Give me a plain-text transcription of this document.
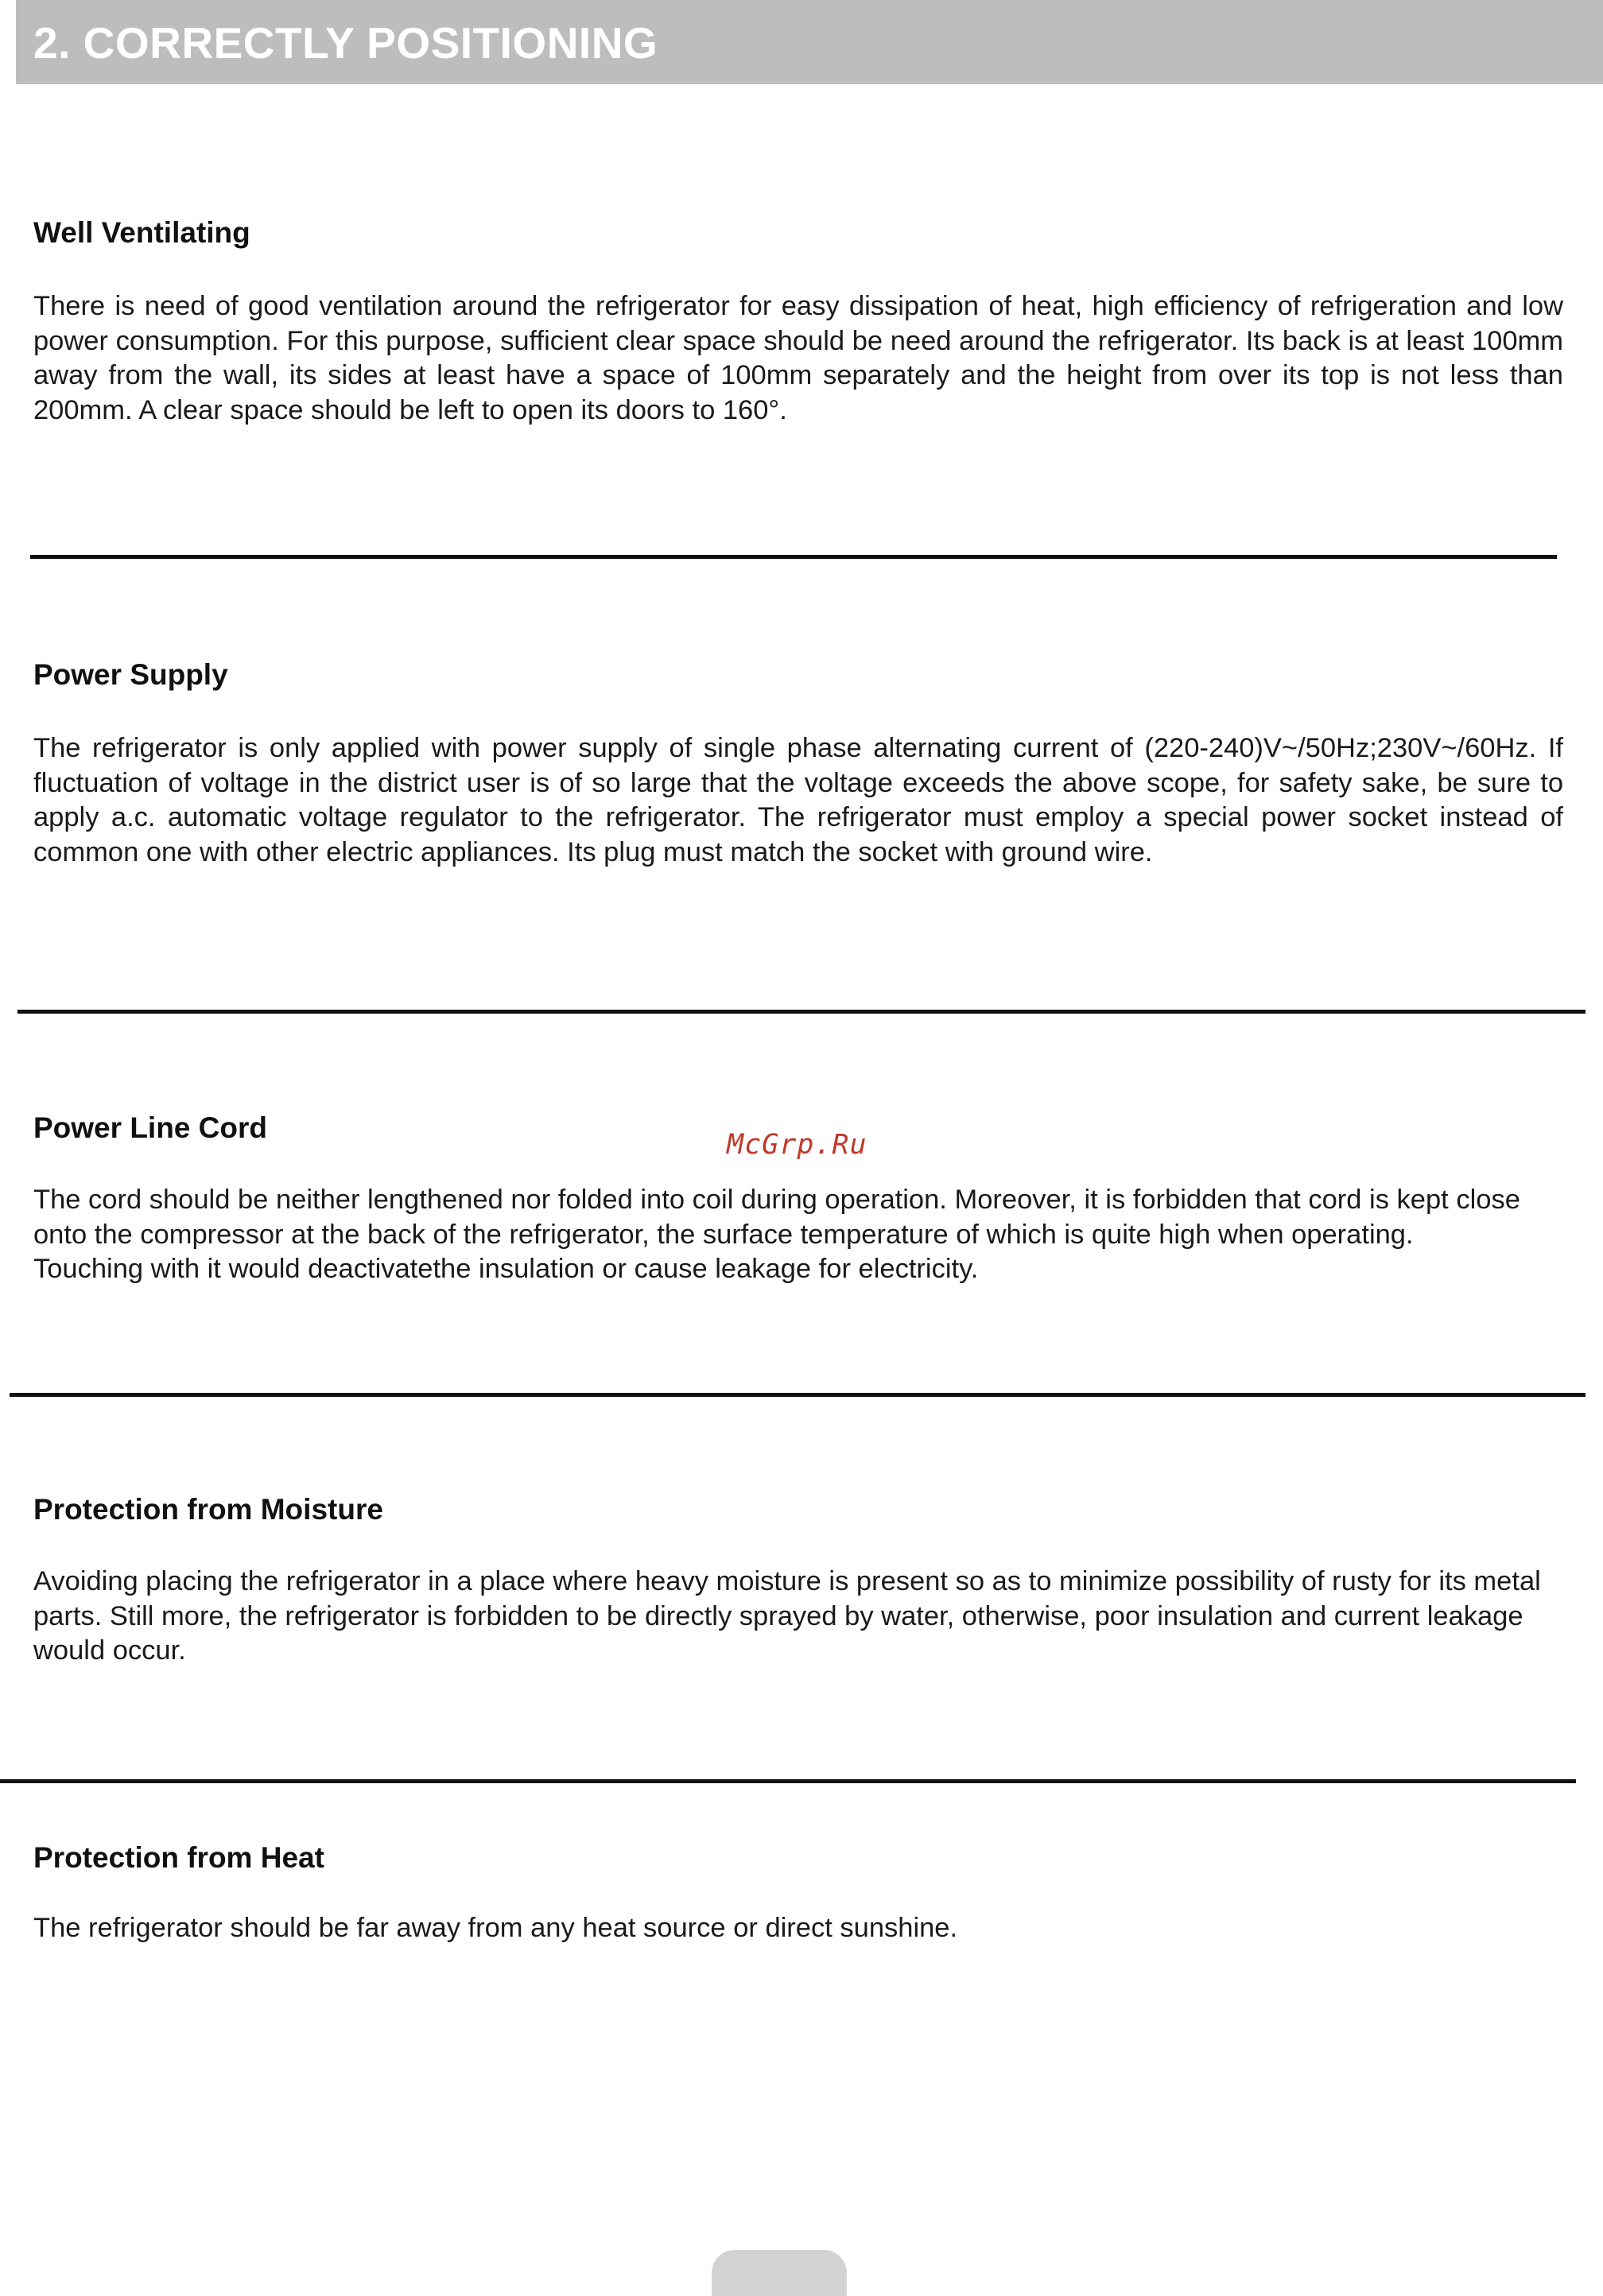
2. CORRECTLY POSITIONING
Well Ventilating

There is need of good ventilation around the refrigerator for easy dissipation of heat, high efficiency of refrigeration and low power consumption. For this purpose, sufficient clear space should be need around the refrigerator. Its back is at least 100mm away from the wall, its sides at least have a space of 100mm separately and the height from over its top is not less than 200mm. A clear space should be left to open its doors to 160°.

Power Supply

The refrigerator is only applied with power supply of single phase alternating current of (220-240)V~/50Hz;230V~/60Hz. If fluctuation of voltage in the district user is of so large that the voltage exceeds the above scope, for safety sake, be sure to apply a.c. automatic voltage regulator to the refrigerator. The refrigerator must employ a special power socket instead of common one with other electric appliances. Its plug must match the socket with ground wire.

Power Line Cord
McGrp.Ru

The cord should be neither lengthened nor folded into coil during operation. Moreover, it is forbidden that cord is kept close onto the compressor at the back of the refrigerator, the surface temperature of which is quite high when operating. Touching with it would deactivatethe insulation or cause leakage for electricity.

Protection from Moisture

Avoiding placing the refrigerator in a place where heavy moisture is present so as to minimize possibility of rusty for its metal parts. Still more, the refrigerator is forbidden to be directly sprayed by water, otherwise, poor insulation and current leakage would occur.

Protection from Heat

The refrigerator should be far away from any heat source or direct sunshine.
